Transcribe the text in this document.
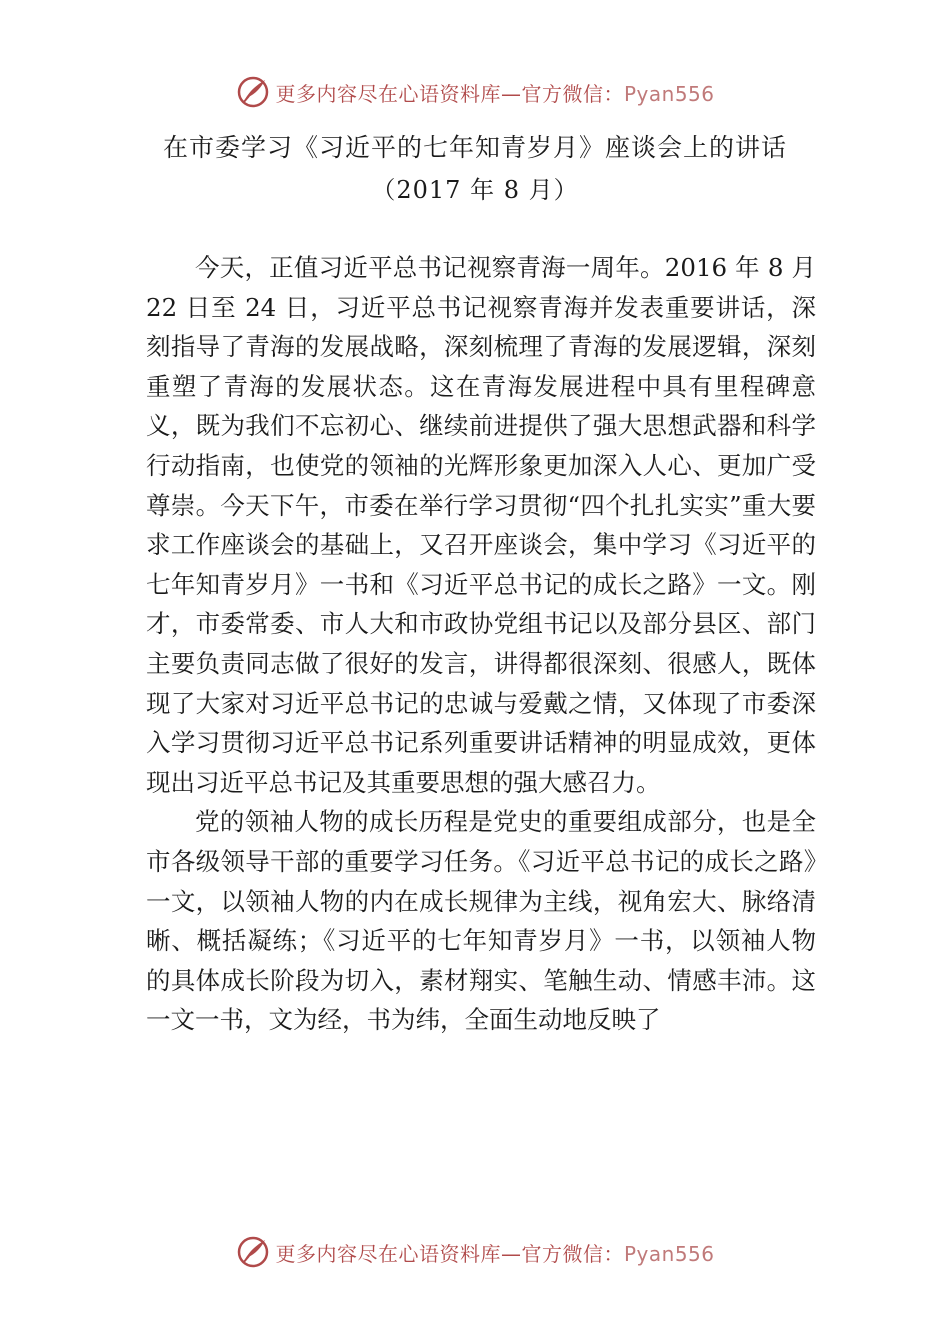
更多内容尽在心语资料库—官方微信：Pyan556
在市委学习《习近平的七年知青岁月》座谈会上的讲话
（2017 年 8 月）

今天，正值习近平总书记视察青海一周年。2016 年 8 月 22 日至 24 日，习近平总书记视察青海并发表重要讲话，深刻指导了青海的发展战略，深刻梳理了青海的发展逻辑，深刻重塑了青海的发展状态。这在青海发展进程中具有里程碑意义，既为我们不忘初心、继续前进提供了强大思想武器和科学行动指南，也使党的领袖的光辉形象更加深入人心、更加广受尊崇。今天下午，市委在举行学习贯彻“四个扎扎实实”重大要求工作座谈会的基础上，又召开座谈会，集中学习《习近平的七年知青岁月》一书和《习近平总书记的成长之路》一文。刚才，市委常委、市人大和市政协党组书记以及部分县区、部门主要负责同志做了很好的发言，讲得都很深刻、很感人，既体现了大家对习近平总书记的忠诚与爱戴之情，又体现了市委深入学习贯彻习近平总书记系列重要讲话精神的明显成效，更体现出习近平总书记及其重要思想的强大感召力。

党的领袖人物的成长历程是党史的重要组成部分，也是全市各级领导干部的重要学习任务。《习近平总书记的成长之路》一文，以领袖人物的内在成长规律为主线，视角宏大、脉络清晰、概括凝练；《习近平的七年知青岁月》一书，以领袖人物的具体成长阶段为切入，素材翔实、笔触生动、情感丰沛。这一文一书，文为经，书为纬，全面生动地反映了

更多内容尽在心语资料库—官方微信：Pyan556
